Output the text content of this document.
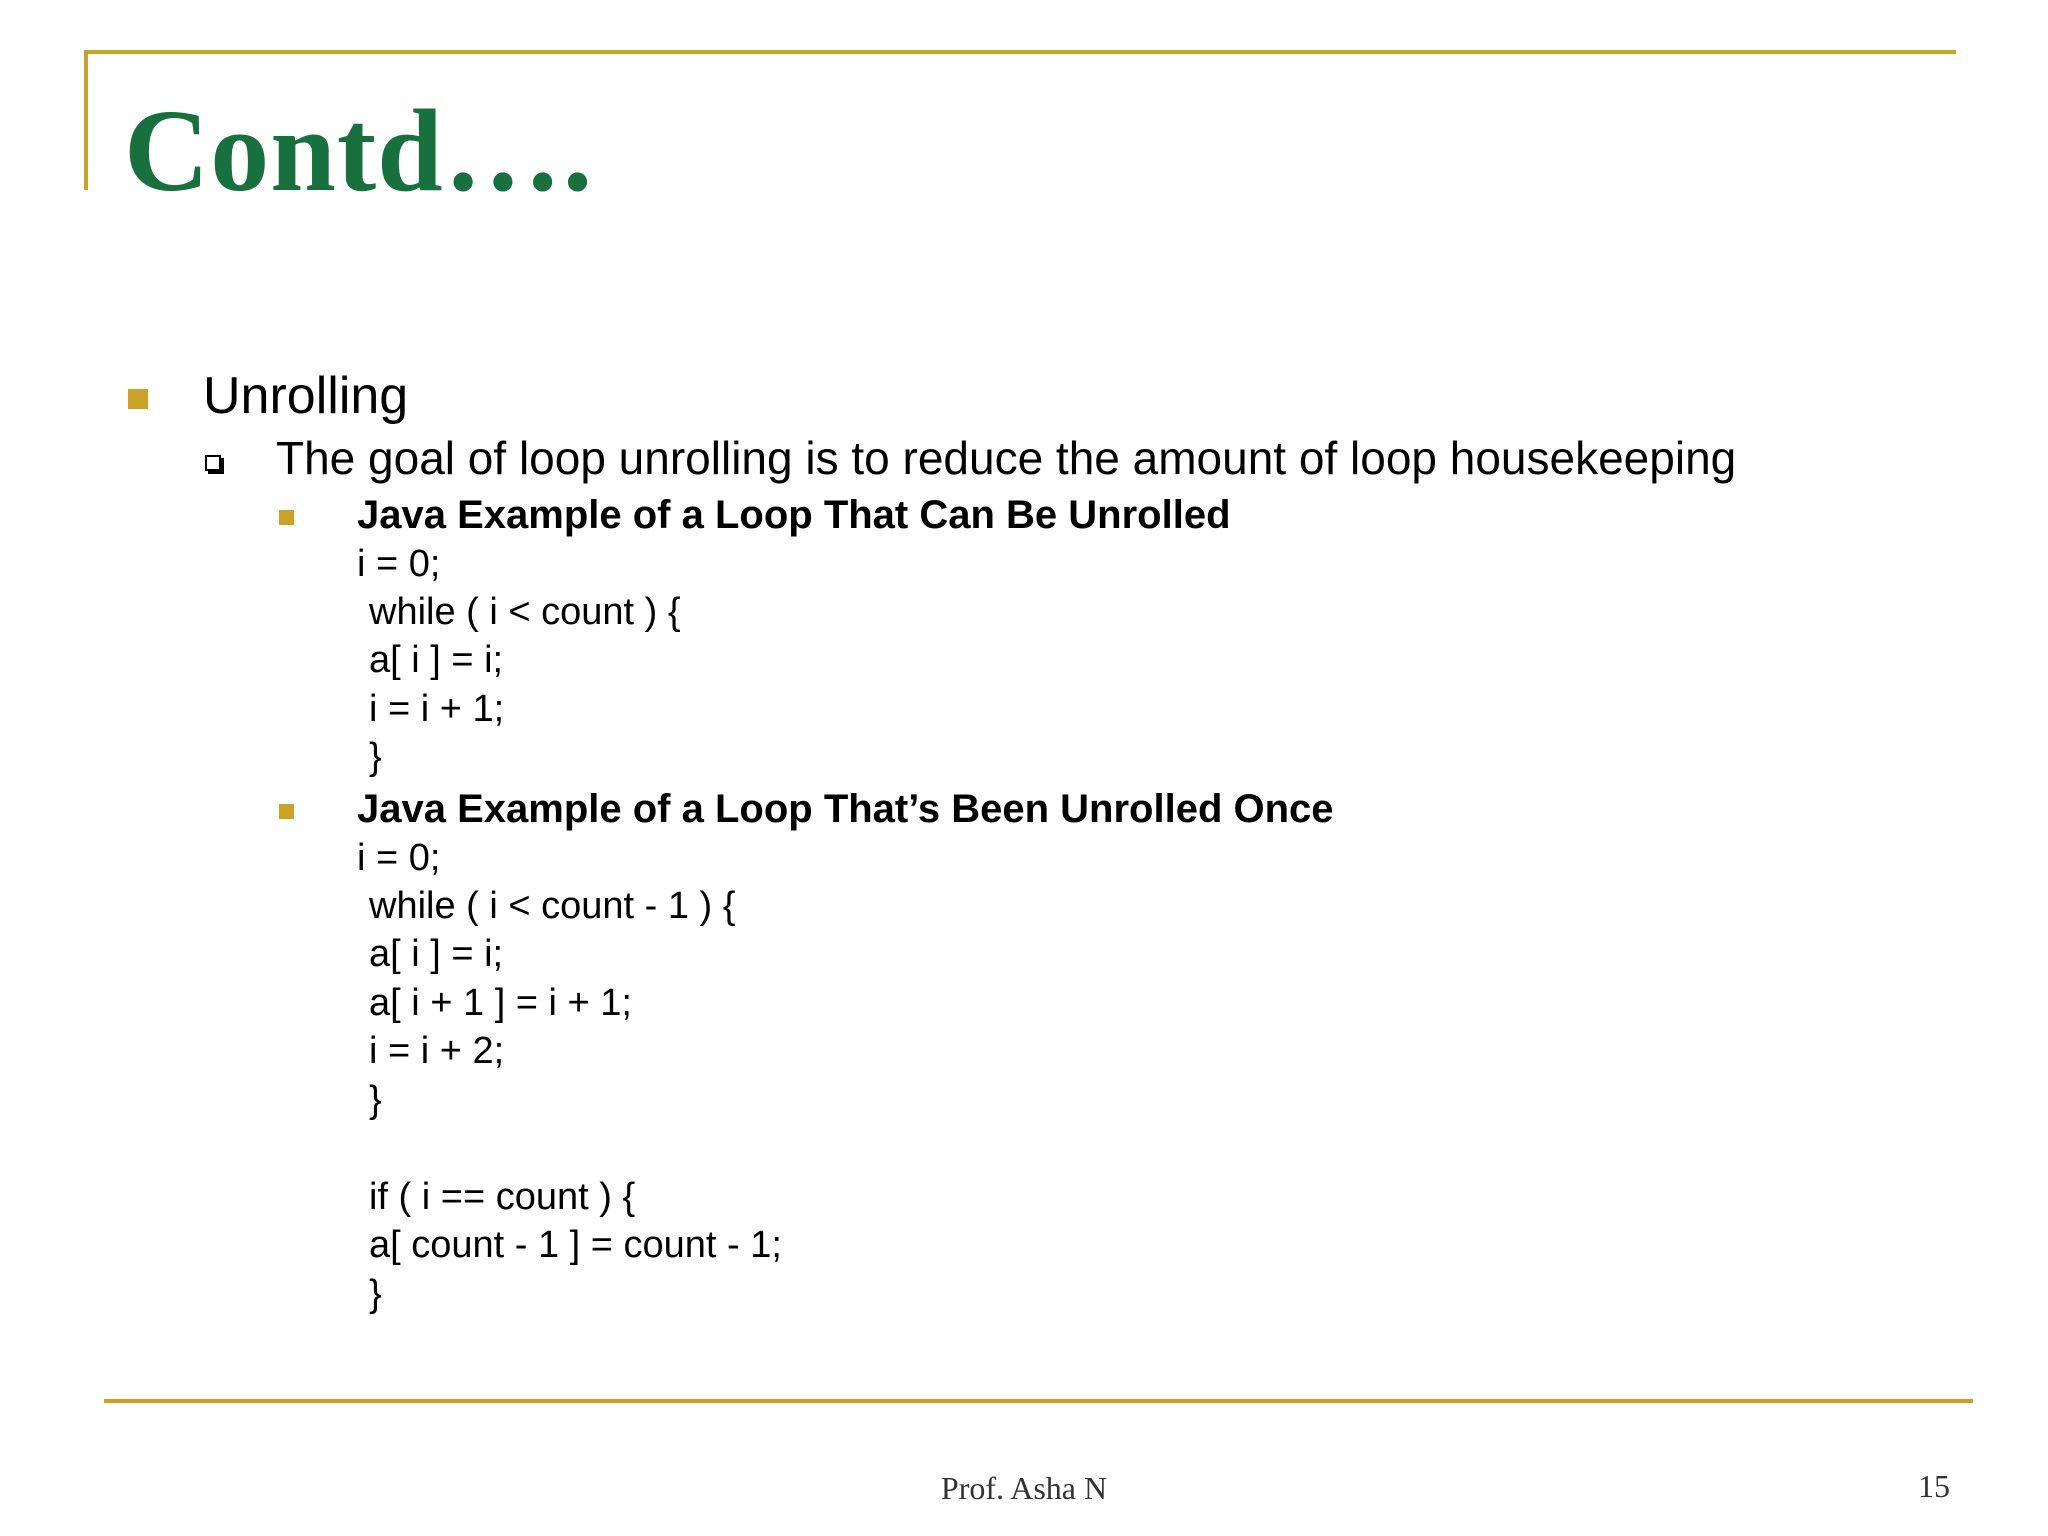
Contd….
Unrolling
The goal of loop unrolling is to reduce the amount of loop housekeeping
Java Example of a Loop That Can Be Unrolled
i = 0;
while ( i < count ) {
a[ i ] = i;
i = i + 1;
}
Java Example of a Loop That’s Been Unrolled Once
i = 0;
while ( i < count - 1 ) {
a[ i ] = i;
a[ i + 1 ] = i + 1;
i = i + 2;
}
if ( i == count ) {
a[ count - 1 ] = count - 1;
}
Prof. Asha N	15
